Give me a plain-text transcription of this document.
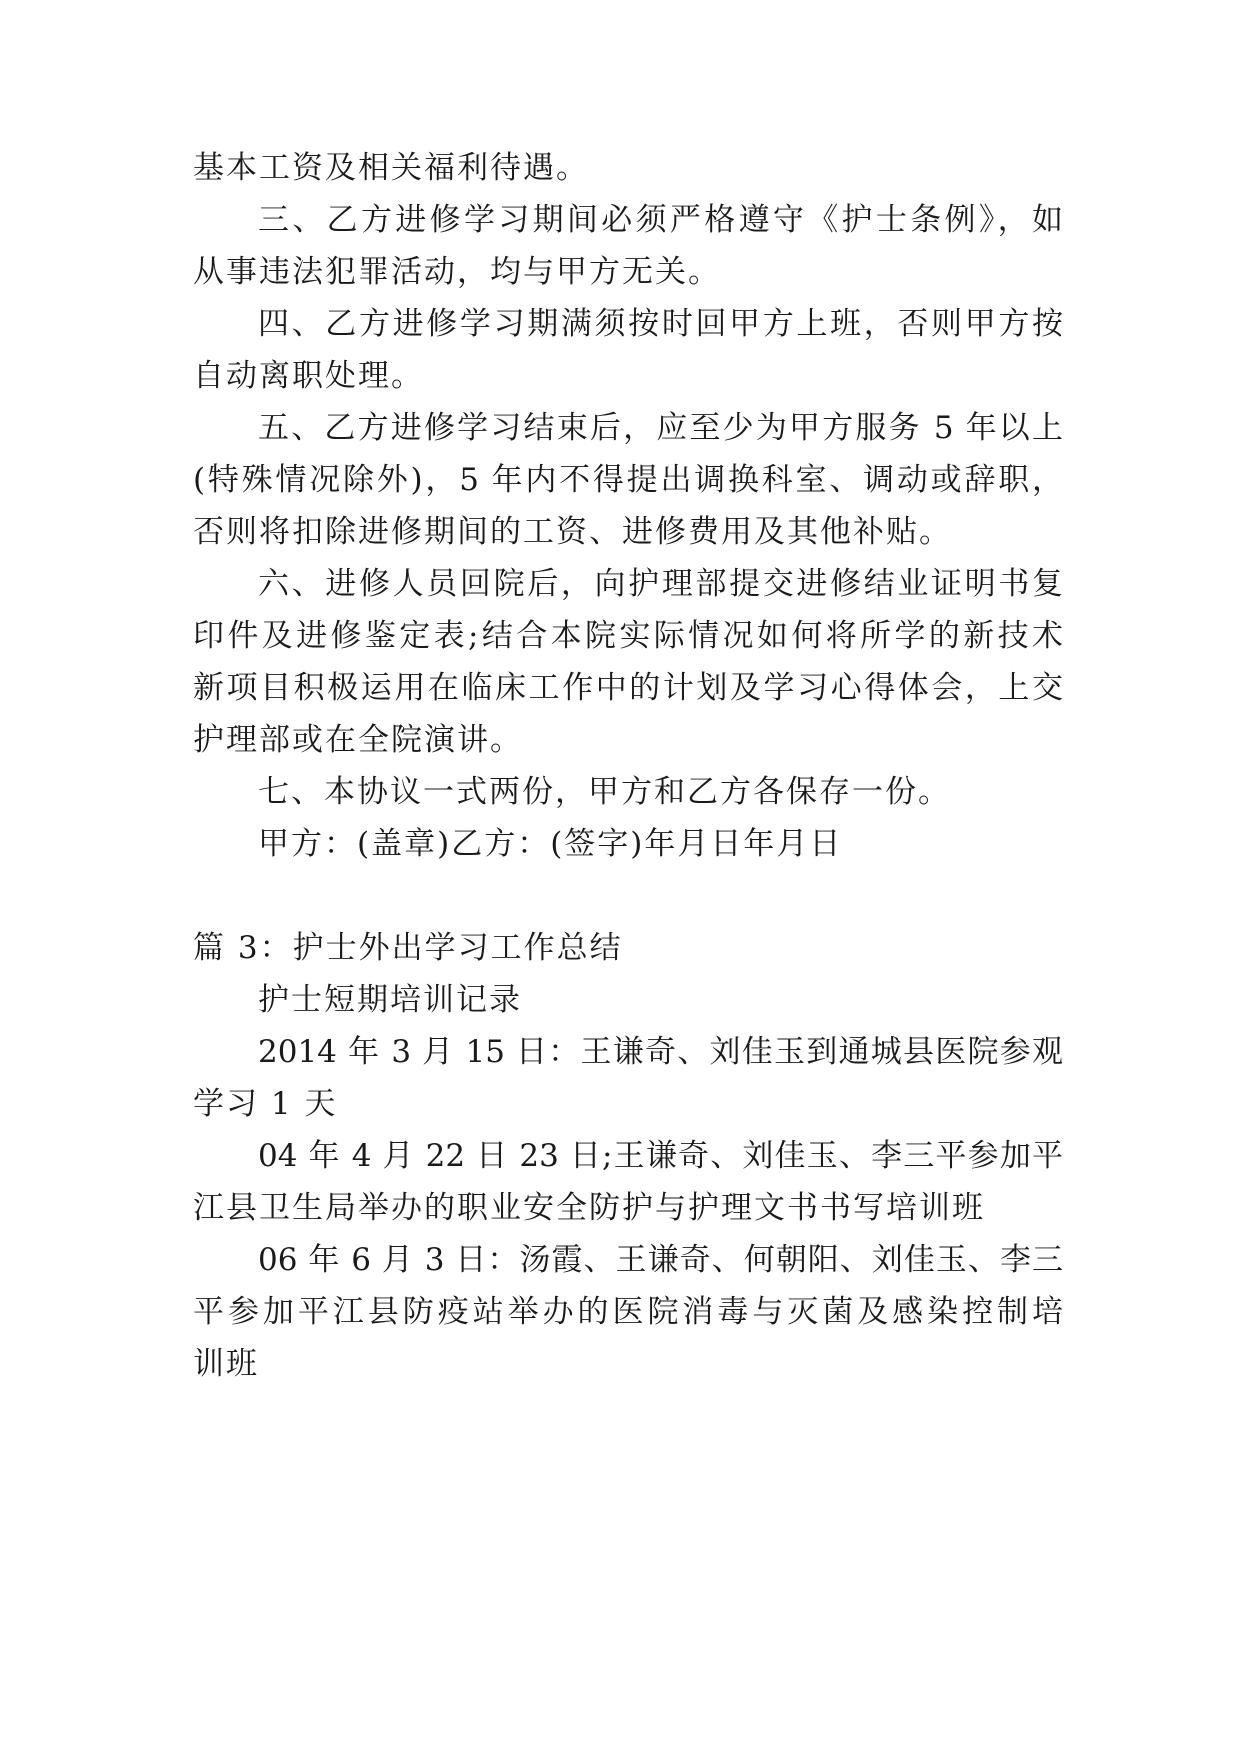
基本工资及相关福利待遇。
三、乙方进修学习期间必须严格遵守《护士条例》，如
从事违法犯罪活动，均与甲方无关。
四、乙方进修学习期满须按时回甲方上班，否则甲方按
自动离职处理。
五、乙方进修学习结束后，应至少为甲方服务 5 年以上
(特殊情况除外)，5 年内不得提出调换科室、调动或辞职，
否则将扣除进修期间的工资、进修费用及其他补贴。
六、进修人员回院后，向护理部提交进修结业证明书复
印件及进修鉴定表;结合本院实际情况如何将所学的新技术
新项目积极运用在临床工作中的计划及学习心得体会，上交
护理部或在全院演讲。
七、本协议一式两份，甲方和乙方各保存一份。
甲方：(盖章)乙方：(签字)年月日年月日
篇 3：护士外出学习工作总结
护士短期培训记录
2014 年 3 月 15 日：王谦奇、刘佳玉到通城县医院参观
学习 1 天
04 年 4 月 22 日 23 日;王谦奇、刘佳玉、李三平参加平
江县卫生局举办的职业安全防护与护理文书书写培训班
06 年 6 月 3 日：汤霞、王谦奇、何朝阳、刘佳玉、李三
平参加平江县防疫站举办的医院消毒与灭菌及感染控制培
训班
